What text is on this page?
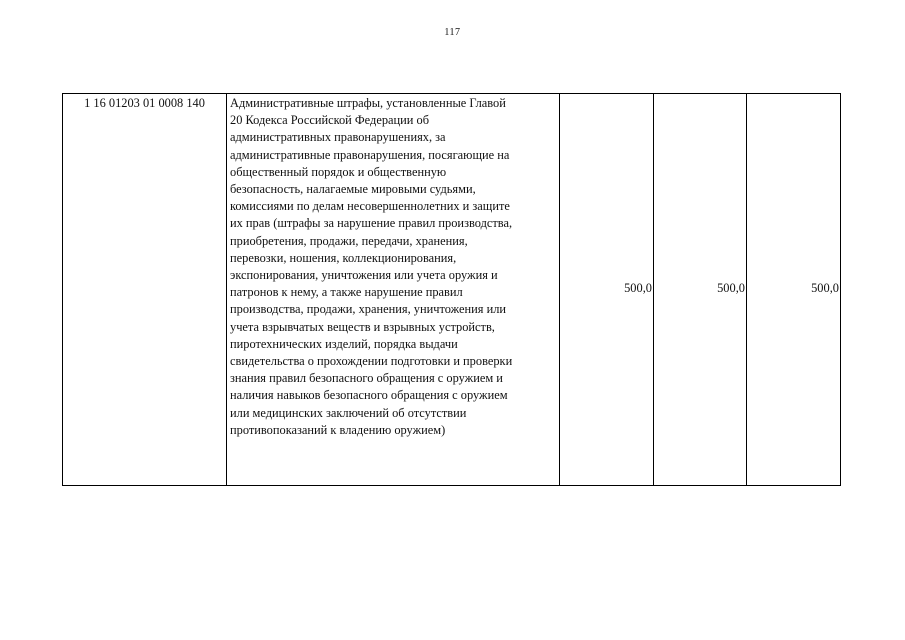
117
1 16 01203 01 0008 140	Административные штрафы, установленные Главой
20 Кодекса Российской Федерации об
административных правонарушениях, за
административные правонарушения, посягающие на
общественный порядок и общественную
безопасность, налагаемые мировыми судьями,
комиссиями по делам несовершеннолетних и защите
их прав (штрафы за нарушение правил производства,
приобретения, продажи, передачи, хранения,
перевозки, ношения, коллекционирования,
экспонирования, уничтожения или учета оружия и
патронов к нему, а также нарушение правил
производства, продажи, хранения, уничтожения или
учета взрывчатых веществ и взрывных устройств,
пиротехнических изделий, порядка выдачи
свидетельства о прохождении подготовки и проверки
знания правил безопасного обращения с оружием и
наличия навыков безопасного обращения с оружием
или медицинских заключений об отсутствии
противопоказаний к владению оружием)
	500,0	500,0	500,0
